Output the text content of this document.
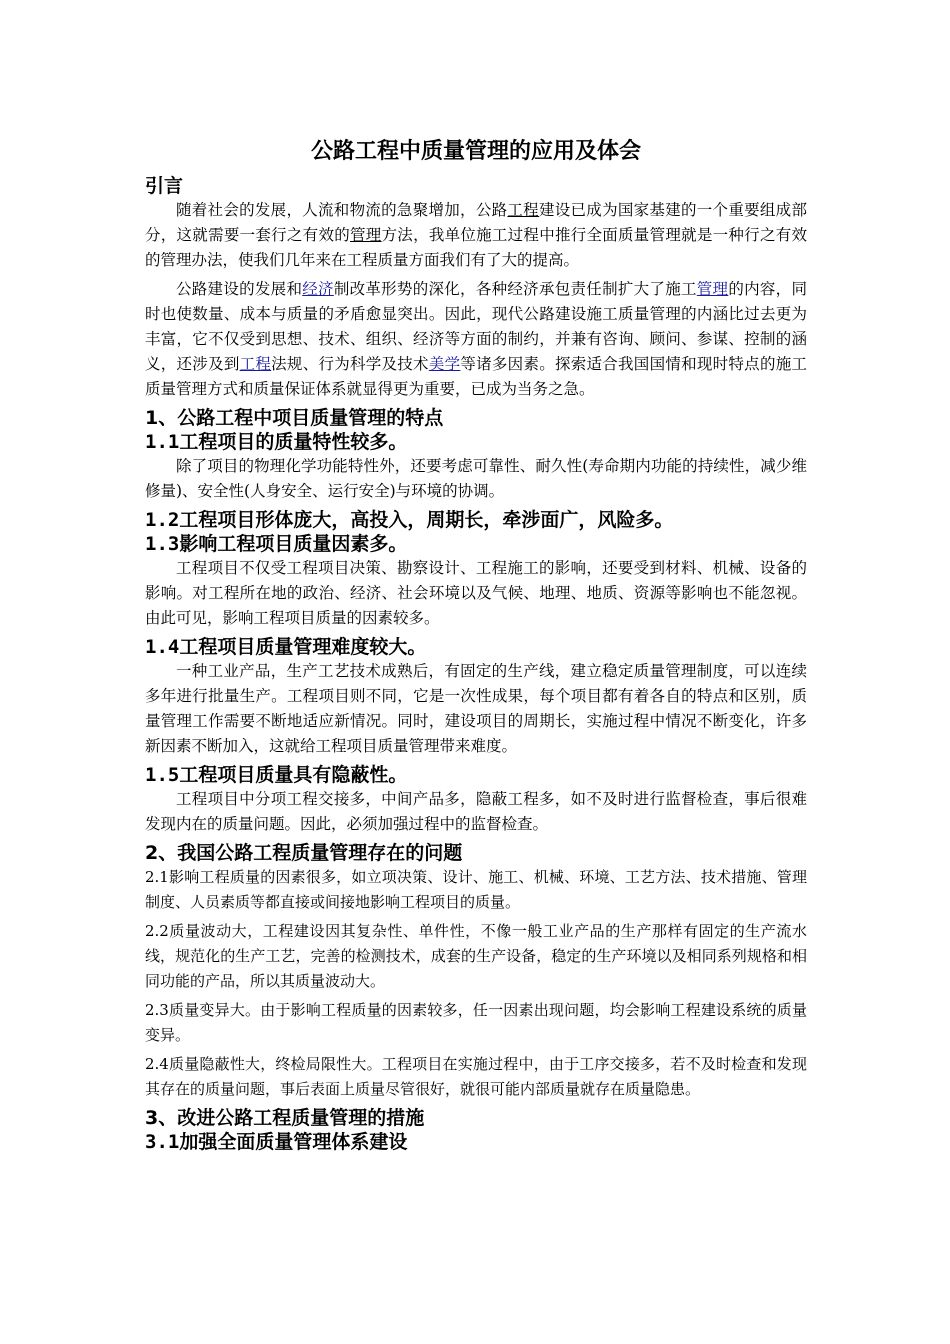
公路工程中质量管理的应用及体会
引言

随着社会的发展，人流和物流的急聚增加，公路工程建设已成为国家基建的一个重要组成部分，这就需要一套行之有效的管理方法，我单位施工过程中推行全面质量管理就是一种行之有效的管理办法，使我们几年来在工程质量方面我们有了大的提高。

公路建设的发展和经济制改革形势的深化，各种经济承包责任制扩大了施工管理的内容，同时也使数量、成本与质量的矛盾愈显突出。因此，现代公路建设施工质量管理的内涵比过去更为丰富，它不仅受到思想、技术、组织、经济等方面的制约，并兼有咨询、顾问、参谋、控制的涵义，还涉及到工程法规、行为科学及技术美学等诸多因素。探索适合我国国情和现时特点的施工质量管理方式和质量保证体系就显得更为重要，已成为当务之急。

1、公路工程中项目质量管理的特点
1.1工程项目的质量特性较多。

除了项目的物理化学功能特性外，还要考虑可靠性、耐久性(寿命期内功能的持续性，减少维修量)、安全性(人身安全、运行安全)与环境的协调。

1.2工程项目形体庞大，高投入，周期长，牵涉面广，风险多。
1.3影响工程项目质量因素多。

工程项目不仅受工程项目决策、勘察设计、工程施工的影响，还要受到材料、机械、设备的影响。对工程所在地的政治、经济、社会环境以及气候、地理、地质、资源等影响也不能忽视。由此可见，影响工程项目质量的因素较多。

1.4工程项目质量管理难度较大。

一种工业产品，生产工艺技术成熟后，有固定的生产线，建立稳定质量管理制度，可以连续多年进行批量生产。工程项目则不同，它是一次性成果，每个项目都有着各自的特点和区别，质量管理工作需要不断地适应新情况。同时，建设项目的周期长，实施过程中情况不断变化，许多新因素不断加入，这就给工程项目质量管理带来难度。

1.5工程项目质量具有隐蔽性。

工程项目中分项工程交接多，中间产品多，隐蔽工程多，如不及时进行监督检查，事后很难发现内在的质量问题。因此，必须加强过程中的监督检查。

2、我国公路工程质量管理存在的问题

2.1影响工程质量的因素很多，如立项决策、设计、施工、机械、环境、工艺方法、技术措施、管理制度、人员素质等都直接或间接地影响工程项目的质量。

2.2质量波动大，工程建设因其复杂性、单件性，不像一般工业产品的生产那样有固定的生产流水线，规范化的生产工艺，完善的检测技术，成套的生产设备，稳定的生产环境以及相同系列规格和相同功能的产品，所以其质量波动大。

2.3质量变异大。由于影响工程质量的因素较多，任一因素出现问题，均会影响工程建设系统的质量变异。

2.4质量隐蔽性大，终检局限性大。工程项目在实施过程中，由于工序交接多，若不及时检查和发现其存在的质量问题，事后表面上质量尽管很好，就很可能内部质量就存在质量隐患。

3、改进公路工程质量管理的措施
3.1加强全面质量管理体系建设
